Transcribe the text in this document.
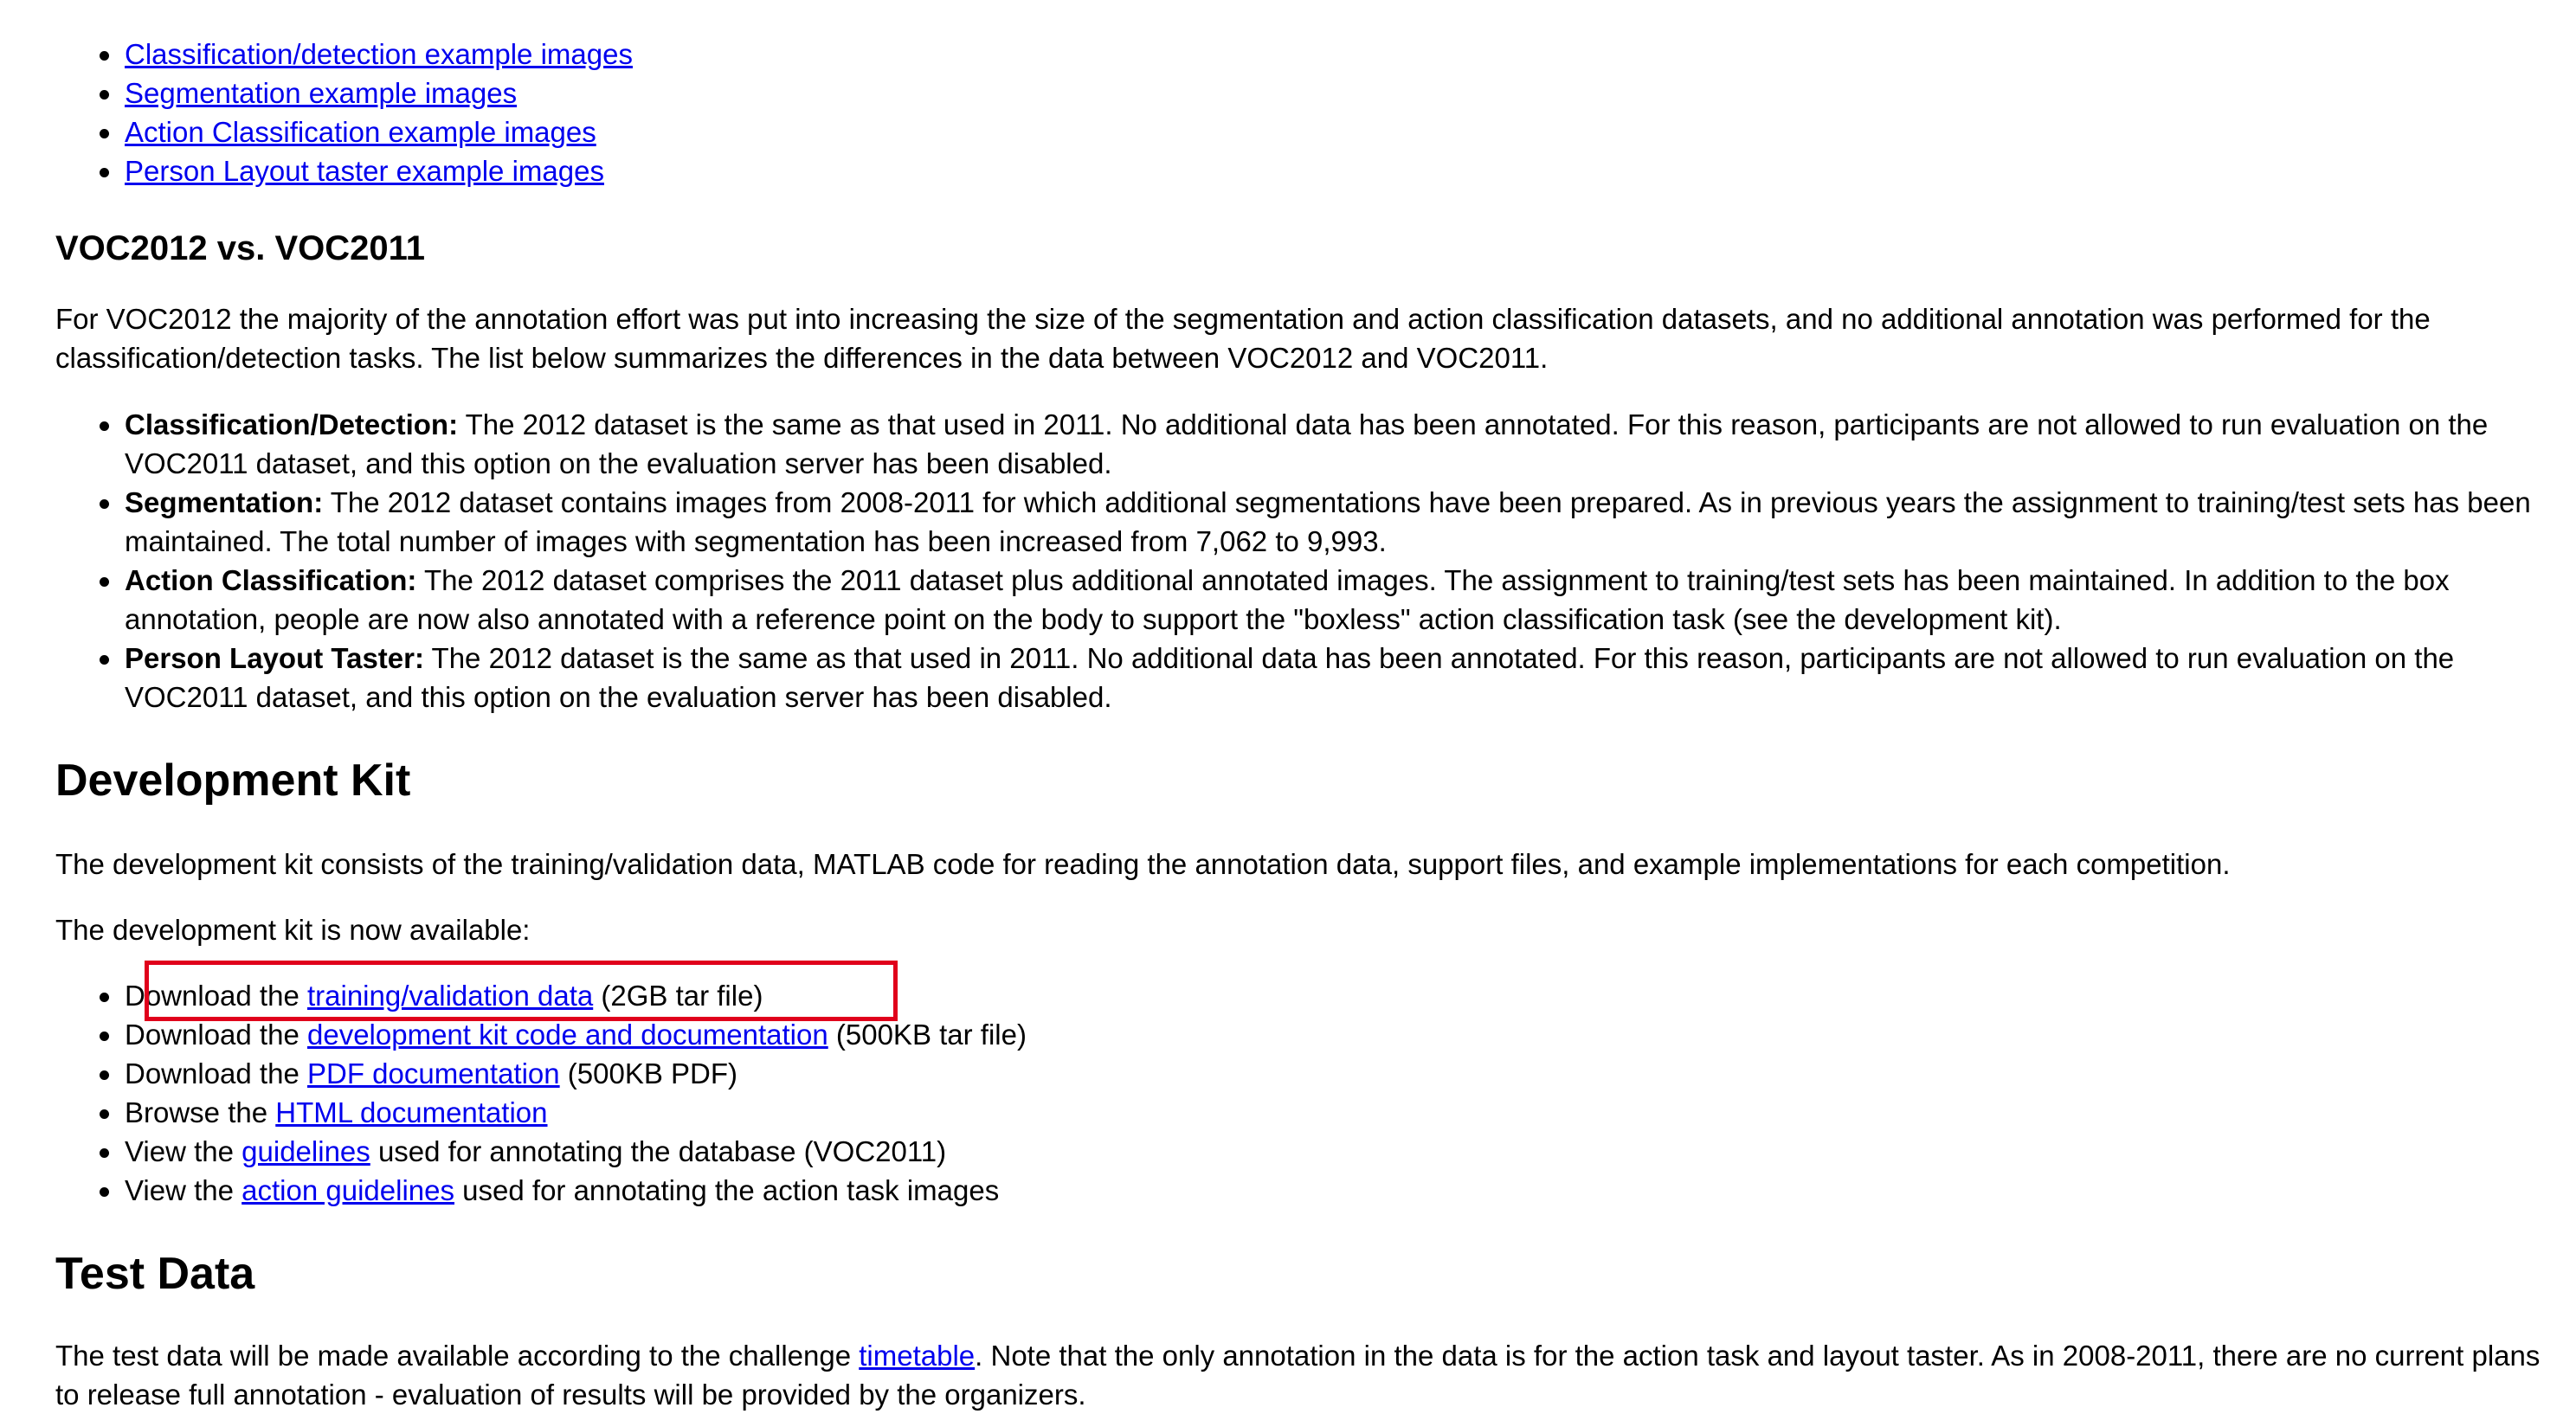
Classification/detection example images
Segmentation example images
Action Classification example images
Person Layout taster example images
VOC2012 vs. VOC2011
For VOC2012 the majority of the annotation effort was put into increasing the size of the segmentation and action classification datasets, and no additional annotation was performed for the classification/detection tasks. The list below summarizes the differences in the data between VOC2012 and VOC2011.
Classification/Detection: The 2012 dataset is the same as that used in 2011. No additional data has been annotated. For this reason, participants are not allowed to run evaluation on the VOC2011 dataset, and this option on the evaluation server has been disabled.
Segmentation: The 2012 dataset contains images from 2008-2011 for which additional segmentations have been prepared. As in previous years the assignment to training/test sets has been maintained. The total number of images with segmentation has been increased from 7,062 to 9,993.
Action Classification: The 2012 dataset comprises the 2011 dataset plus additional annotated images. The assignment to training/test sets has been maintained. In addition to the box annotation, people are now also annotated with a reference point on the body to support the "boxless" action classification task (see the development kit).
Person Layout Taster: The 2012 dataset is the same as that used in 2011. No additional data has been annotated. For this reason, participants are not allowed to run evaluation on the VOC2011 dataset, and this option on the evaluation server has been disabled.
Development Kit
The development kit consists of the training/validation data, MATLAB code for reading the annotation data, support files, and example implementations for each competition.
The development kit is now available:
Download the training/validation data (2GB tar file)
Download the development kit code and documentation (500KB tar file)
Download the PDF documentation (500KB PDF)
Browse the HTML documentation
View the guidelines used for annotating the database (VOC2011)
View the action guidelines used for annotating the action task images
Test Data
The test data will be made available according to the challenge timetable. Note that the only annotation in the data is for the action task and layout taster. As in 2008-2011, there are no current plans to release full annotation - evaluation of results will be provided by the organizers.
